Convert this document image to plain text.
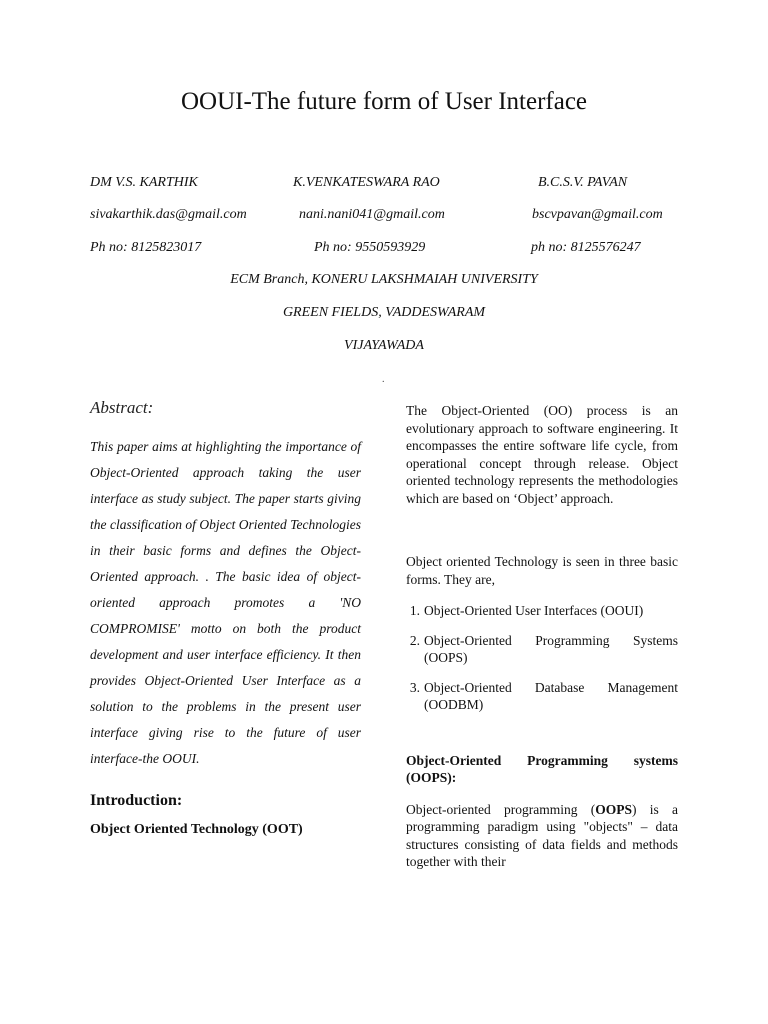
OOUI-The future form of User Interface
DM V.S. KARTHIK	K.VENKATESWARA RAO	B.C.S.V. PAVAN
sivakarthik.das@gmail.com	nani.nani041@gmail.com	bscvpavan@gmail.com
Ph no: 8125823017	Ph no: 9550593929	ph no: 8125576247
ECM Branch, KONERU LAKSHMAIAH UNIVERSITY
GREEN FIELDS, VADDESWARAM
VIJAYAWADA
.
Abstract:

This paper aims at highlighting the importance of Object-Oriented approach taking the user interface as study subject. The paper starts giving the classification of Object Oriented Technologies in their basic forms and defines the Object-Oriented approach. . The basic idea of object-oriented approach promotes a 'NO COMPROMISE' motto on both the product development and user interface efficiency. It then provides Object-Oriented User Interface as a solution to the problems in the present user interface giving rise to the future of user interface-the OOUI.

Introduction:
Object Oriented Technology (OOT)

The Object-Oriented (OO) process is an evolutionary approach to software engineering. It encompasses the entire software life cycle, from operational concept through release. Object oriented technology represents the methodologies which are based on ‘Object’ approach.

Object oriented Technology is seen in three basic forms. They are,

1. Object-Oriented User Interfaces (OOUI)
2. Object-Oriented Programming Systems (OOPS)
3. Object-Oriented Database Management (OODBM)

Object-Oriented Programming systems (OOPS):

Object-oriented programming (OOPS) is a programming paradigm using "objects" – data structures consisting of data fields and methods together with their
